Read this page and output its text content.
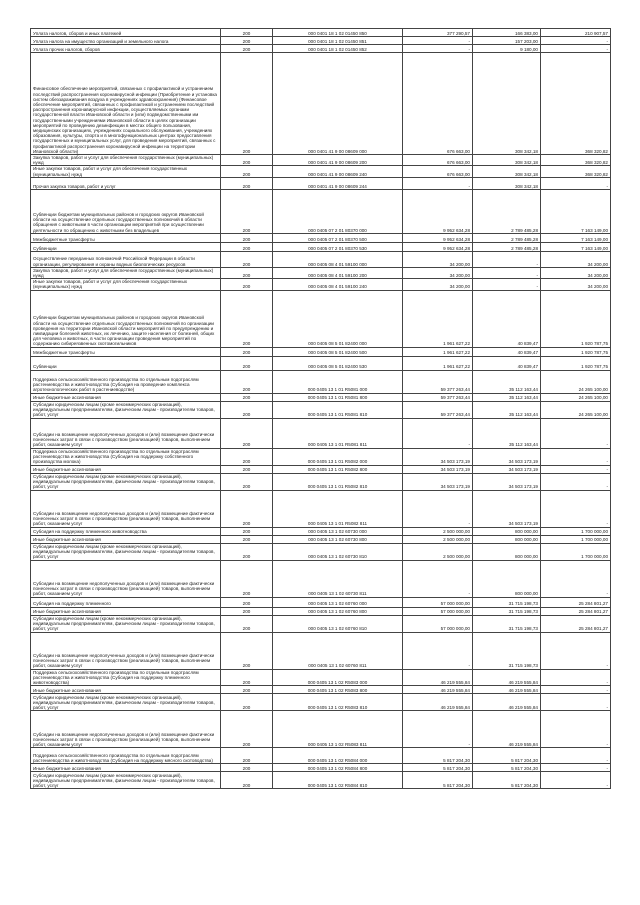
Уплата налогов, сборов и иных платежей	200	000 0401 18 1 02 01450 850	377 290,57	166 383,00	210 907,57
Уплата налога на имущество организаций и земельного налога	200	000 0401 18 1 02 01450 851	-	157 203,00	-
Уплата прочих налогов, сборов	200	000 0401 18 1 02 01450 852	-	9 180,00	-
Финансовое обеспечение мероприятий, связанных с профилактикой и устранением последствий распространения коронавирусной инфекции (Приобретение и установка систем обеззараживания воздуха в учреждениях здравоохранения) (Финансовое обеспечение мероприятий, связанных с профилактикой и устранением последствий распространения коронавирусной инфекции, осуществляемых органами государственной власти Ивановской области и (или) подведомственными им государственными учреждениями Ивановской области в целях организации мероприятий по проведению дезинфекции в местах общего пользования, медицинских организациях, учреждениях социального обслуживания, учреждениях образования, культуры, спорта и в многофункциональных центрах предоставления государственных и муниципальных услуг, для проведения мероприятий, связанных с профилактикой распространения коронавирусной инфекции на территории Ивановской области)	200	000 0401 41 9 00 08609 000	676 663,00	308 342,18	368 320,82
Закупка товаров, работ и услуг для обеспечения государственных (муниципальных) нужд	200	000 0401 41 9 00 08609 200	676 663,00	308 342,18	368 320,82
Иные закупки товаров, работ и услуг для обеспечения государственных (муниципальных) нужд	200	000 0401 41 9 00 08609 240	676 663,00	308 342,18	368 320,82
Прочая закупка товаров, работ и услуг	200	000 0401 41 9 00 08609 244	-	308 342,18	-
Субвенции бюджетам муниципальных районов и городских округов Ивановской области на осуществление отдельных государственных полномочий в области обращения с животными в части организации мероприятий при осуществлении деятельности по обращению с животными без владельцев	200	000 0405 07 2 01 80370 000	9 952 634,28	2 789 485,28	7 163 149,00
Межбюджетные трансферты	200	000 0405 07 2 01 80370 500	9 952 634,28	2 789 485,28	7 163 149,00
Субвенции	200	000 0405 07 2 01 80370 530	9 952 634,28	2 789 485,28	7 163 149,00
Осуществление переданных полномочий Российской Федерации в области организации, регулирования и охраны водных биологических ресурсов	200	000 0405 08 4 01 59100 000	34 200,00	-	34 200,00
Закупка товаров, работ и услуг для обеспечения государственных (муниципальных) нужд	200	000 0405 08 4 01 59100 200	34 200,00	-	34 200,00
Иные закупки товаров, работ и услуг для обеспечения государственных (муниципальных) нужд	200	000 0405 08 4 01 59100 240	34 200,00	-	34 200,00
Субвенции бюджетам муниципальных районов и городских округов Ивановской области на осуществление отдельных государственных полномочий по организации проведения на территории Ивановской области мероприятий по предупреждению и ликвидации болезней животных, их лечению, защите населения от болезней, общих для человека и животных, в части организации проведения мероприятий по содержанию сибиреязвенных скотомогильников	200	000 0405 08 5 01 82400 000	1 961 627,22	40 839,47	1 920 787,75
Межбюджетные трансферты	200	000 0405 08 5 01 82400 500	1 961 627,22	40 839,47	1 920 787,75
Субвенции	200	000 0405 08 5 01 82400 530	1 961 627,22	40 839,47	1 920 787,75
Поддержка сельскохозяйственного производства по отдельным подотраслям растениеводства и животноводства (Субсидия на проведение комплекса агротехнологических работ в растениеводстве)	200	000 0405 13 1 01 R5081 000	59 377 263,44	35 112 163,44	24 265 100,00
Иные бюджетные ассигнования	200	000 0405 13 1 01 R5081 800	59 377 263,44	35 112 163,44	24 265 100,00
Субсидии юридическим лицам (кроме некоммерческих организаций), индивидуальным предпринимателям, физическим лицам - производителям товаров, работ, услуг	200	000 0405 13 1 01 R5081 810	59 377 263,44	35 112 163,44	24 265 100,00
Субсидии на возмещение недополученных доходов и (или) возмещение фактически понесенных затрат в связи с производством (реализацией) товаров, выполнением работ, оказанием услуг	200	000 0405 13 1 01 R5081 811	-	35 112 163,44	-
Поддержка сельскохозяйственного производства по отдельным подотраслям растениеводства и животноводства (Субсидия на поддержку собственного производства молока)	200	000 0405 13 1 01 R5082 000	34 503 173,19	34 503 173,19	-
Иные бюджетные ассигнования	200	000 0405 13 1 01 R5082 800	34 503 173,19	34 503 173,19	-
Субсидии юридическим лицам (кроме некоммерческих организаций), индивидуальным предпринимателям, физическим лицам - производителям товаров, работ, услуг	200	000 0405 13 1 01 R5082 810	34 503 173,19	34 503 173,19	-
Субсидии на возмещение недополученных доходов и (или) возмещение фактически понесенных затрат в связи с производством (реализацией) товаров, выполнением работ, оказанием услуг	200	000 0405 13 1 01 R5082 811	-	34 503 173,19	-
Субсидия на поддержку племенного животноводства	200	000 0405 13 1 02 60730 000	2 500 000,00	800 000,00	1 700 000,00
Иные бюджетные ассигнования	200	000 0405 13 1 02 60730 800	2 500 000,00	800 000,00	1 700 000,00
Субсидии юридическим лицам (кроме некоммерческих организаций), индивидуальным предпринимателям, физическим лицам - производителям товаров, работ, услуг	200	000 0405 13 1 02 60730 810	2 500 000,00	800 000,00	1 700 000,00
Субсидии на возмещение недополученных доходов и (или) возмещение фактически понесенных затрат в связи с производством (реализацией) товаров, выполнением работ, оказанием услуг	200	000 0405 13 1 02 60730 811	-	800 000,00	-
Субсидия на поддержку племенного	200	000 0405 13 1 02 60760 000	57 000 000,00	31 715 198,73	25 284 801,27
Иные бюджетные ассигнования	200	000 0405 13 1 02 60760 800	57 000 000,00	31 715 198,73	25 284 801,27
Субсидии юридическим лицам (кроме некоммерческих организаций), индивидуальным предпринимателям, физическим лицам - производителям товаров, работ, услуг	200	000 0405 13 1 02 60760 810	57 000 000,00	31 715 198,73	25 284 801,27
Субсидии на возмещение недополученных доходов и (или) возмещение фактически понесенных затрат в связи с производством (реализацией) товаров, выполнением работ, оказанием услуг	200	000 0405 13 1 02 60760 811	-	31 715 198,73	-
Поддержка сельскохозяйственного производства по отдельным подотраслям растениеводства и животноводства (Субсидия на поддержку племенного животноводства)	200	000 0405 13 1 02 R5083 000	46 219 555,84	46 219 555,84	-
Иные бюджетные ассигнования	200	000 0405 13 1 02 R5083 800	46 219 555,84	46 219 555,84	-
Субсидии юридическим лицам (кроме некоммерческих организаций), индивидуальным предпринимателям, физическим лицам - производителям товаров, работ, услуг	200	000 0405 13 1 02 R5083 810	46 219 555,84	46 219 555,84	-
Субсидии на возмещение недополученных доходов и (или) возмещение фактически понесенных затрат в связи с производством (реализацией) товаров, выполнением работ, оказанием услуг	200	000 0405 13 1 02 R5083 811	-	46 219 555,84	-
Поддержка сельскохозяйственного производства по отдельным подотраслям растениеводства и животноводства (Субсидия на поддержку мясного скотоводства)	200	000 0405 13 1 02 R5084 000	5 817 204,30	5 817 204,30	-
Иные бюджетные ассигнования	200	000 0405 13 1 02 R5084 800	5 817 204,30	5 817 204,30	-
Субсидии юридическим лицам (кроме некоммерческих организаций), индивидуальным предпринимателям, физическим лицам - производителям товаров, работ, услуг	200	000 0405 13 1 02 R5084 810	5 817 204,30	5 817 204,30	-
